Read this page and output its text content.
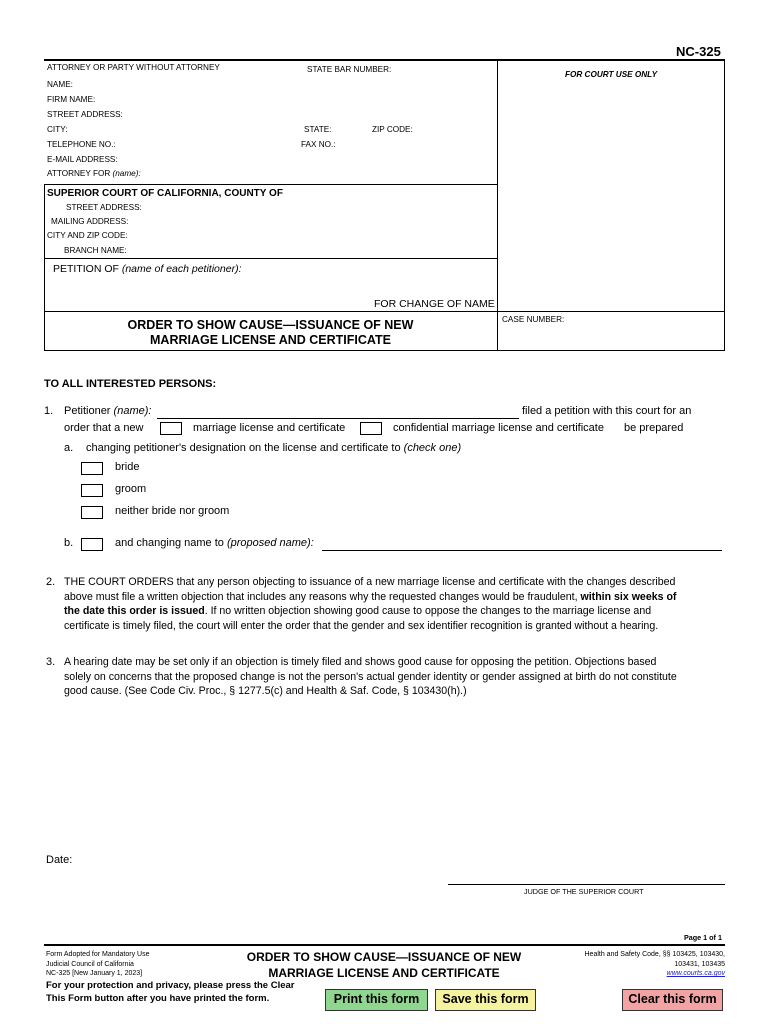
NC-325
ATTORNEY OR PARTY WITHOUT ATTORNEY	STATE BAR NUMBER:
FOR COURT USE ONLY
NAME:
FIRM NAME:
STREET ADDRESS:
CITY:	STATE:	ZIP CODE:
TELEPHONE NO.:	FAX NO.:
E-MAIL ADDRESS:
ATTORNEY FOR (name):
SUPERIOR COURT OF CALIFORNIA, COUNTY OF
STREET ADDRESS:
MAILING ADDRESS:
CITY AND ZIP CODE:
BRANCH NAME:
PETITION OF (name of each petitioner):
FOR CHANGE OF NAME
ORDER TO SHOW CAUSE—ISSUANCE OF NEW
MARRIAGE LICENSE AND CERTIFICATE
CASE NUMBER:
TO ALL INTERESTED PERSONS:
1. Petitioner (name):	filed a petition with this court for an
order that a new	marriage license and certificate	confidential marriage license and certificate be prepared
a. changing petitioner's designation on the license and certificate to (check one)
bride
groom
neither bride nor groom
b.	and changing name to (proposed name):
2. THE COURT ORDERS that any person objecting to issuance of a new marriage license and certificate with the changes described
above must file a written objection that includes any reasons why the requested changes would be fraudulent, within six weeks of
the date this order is issued. If no written objection showing good cause to oppose the changes to the marriage license and
certificate is timely filed, the court will enter the order that the gender and sex identifier recognition is granted without a hearing.
3. A hearing date may be set only if an objection is timely filed and shows good cause for opposing the petition. Objections based
solely on concerns that the proposed change is not the person's actual gender identity or gender assigned at birth do not constitute
good cause. (See Code Civ. Proc., § 1277.5(c) and Health & Saf. Code, § 103430(h).)
Date:
JUDGE OF THE SUPERIOR COURT
Page 1 of 1
Form Adopted for Mandatory Use
Judicial Council of California
NC-325 [New January 1, 2023]
ORDER TO SHOW CAUSE—ISSUANCE OF NEW
MARRIAGE LICENSE AND CERTIFICATE
Health and Safety Code, §§ 103425, 103430,
103431, 103435
www.courts.ca.gov
For your protection and privacy, please press the Clear
This Form button after you have printed the form.	Print this form	Save this form	Clear this form
